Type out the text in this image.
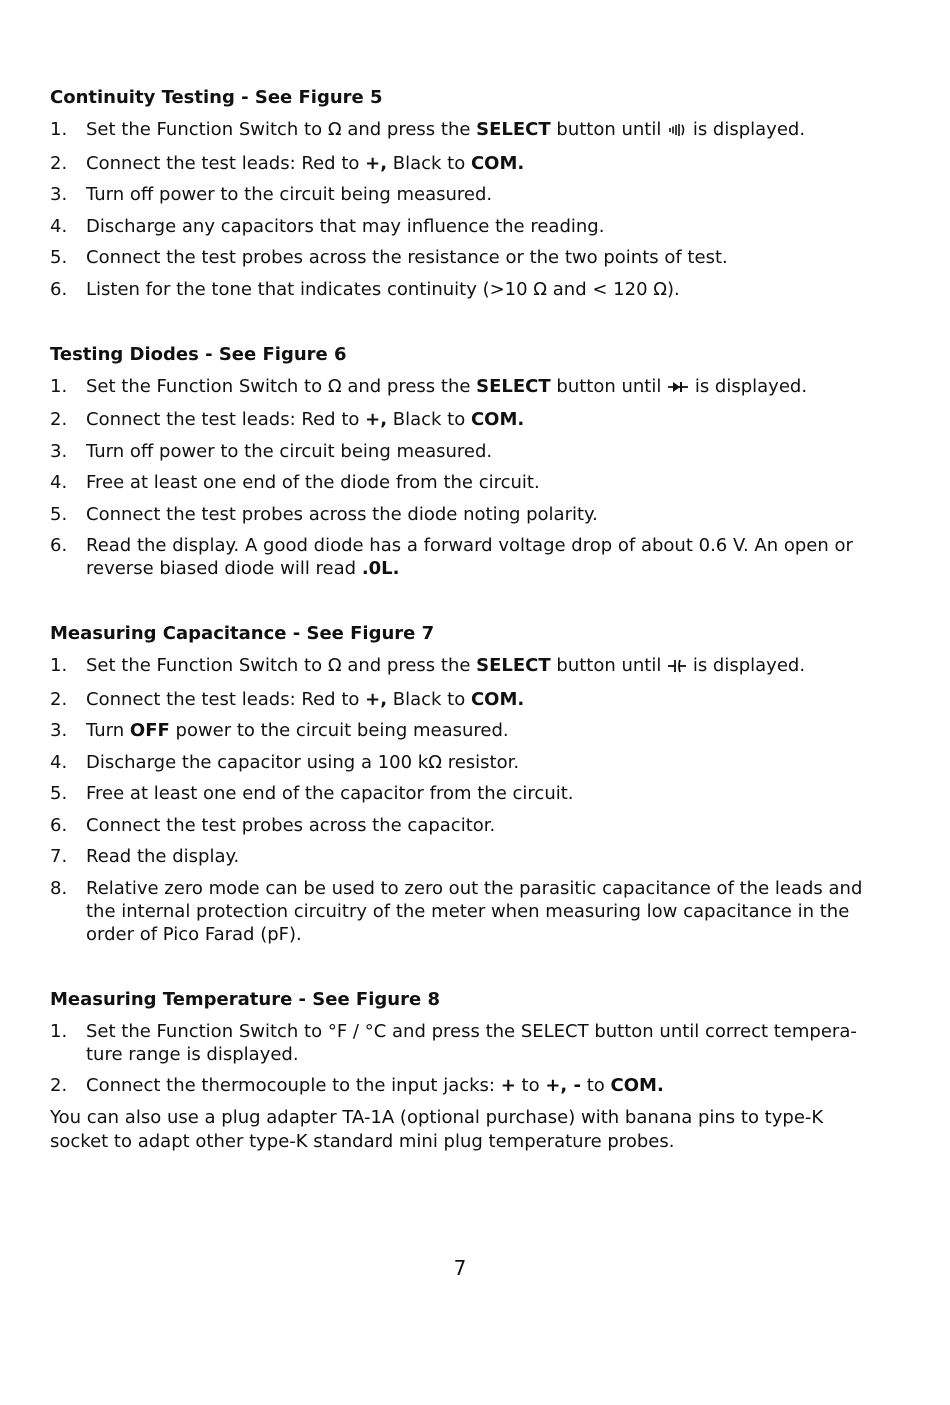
Continuity Testing - See Figure 5
1.	Set the Function Switch to Ω and press the SELECT button until  is displayed.
2.	Connect the test leads: Red to +, Black to COM.
3.	Turn off power to the circuit being measured.
4.	Discharge any capacitors that may influence the reading.
5.	Connect the test probes across the resistance or the two points of test.
6.	Listen for the tone that indicates continuity (>10 Ω and < 120 Ω).
Testing Diodes - See Figure 6
1.	Set the Function Switch to Ω and press the SELECT button until  is displayed.
2.	Connect the test leads: Red to +, Black to COM.
3.	Turn off power to the circuit being measured.
4.	Free at least one end of the diode from the circuit.
5.	Connect the test probes across the diode noting polarity.
6.	Read the display. A good diode has a forward voltage drop of about 0.6 V. An open or reverse biased diode will read .0L.
Measuring Capacitance - See Figure 7
1.	Set the Function Switch to Ω and press the SELECT button until  is displayed.
2.	Connect the test leads: Red to +, Black to COM.
3.	Turn OFF power to the circuit being measured.
4.	Discharge the capacitor using a 100 kΩ resistor.
5.	Free at least one end of the capacitor from the circuit.
6.	Connect the test probes across the capacitor.
7.	Read the display.
8.	Relative zero mode can be used to zero out the parasitic capacitance of the leads and the internal protection circuitry of the meter when measuring low capacitance in the order of Pico Farad (pF).
Measuring Temperature - See Figure 8
1.	Set the Function Switch to °F / °C and press the SELECT button until correct tempera-ture range is displayed.
2.	Connect the thermocouple to the input jacks: + to +, - to COM.

You can also use a plug adapter TA-1A (optional purchase) with banana pins to type-K socket to adapt other type-K standard mini plug temperature probes.

7
